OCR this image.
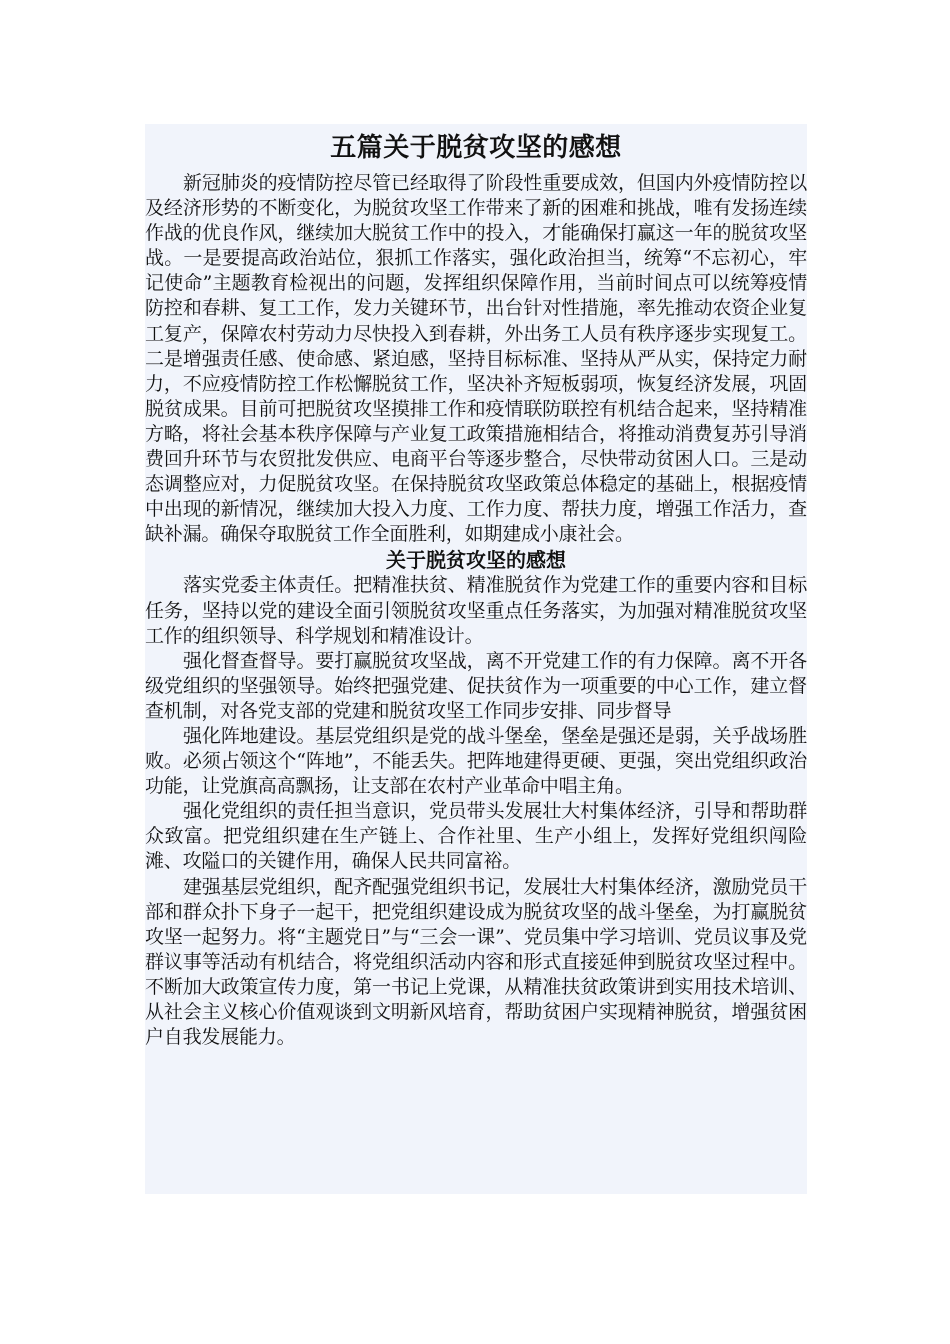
五篇关于脱贫攻坚的感想

新冠肺炎的疫情防控尽管已经取得了阶段性重要成效，但国内外疫情防控以及经济形势的不断变化，为脱贫攻坚工作带来了新的困难和挑战，唯有发扬连续作战的优良作风，继续加大脱贫工作中的投入，才能确保打赢这一年的脱贫攻坚战。一是要提高政治站位，狠抓工作落实，强化政治担当，统筹“不忘初心，牢记使命”主题教育检视出的问题，发挥组织保障作用，当前时间点可以统筹疫情防控和春耕、复工工作，发力关键环节，出台针对性措施，率先推动农资企业复工复产，保障农村劳动力尽快投入到春耕，外出务工人员有秩序逐步实现复工。二是增强责任感、使命感、紧迫感，坚持目标标准、坚持从严从实，保持定力耐力，不应疫情防控工作松懈脱贫工作，坚决补齐短板弱项，恢复经济发展，巩固脱贫成果。目前可把脱贫攻坚摸排工作和疫情联防联控有机结合起来，坚持精准方略，将社会基本秩序保障与产业复工政策措施相结合，将推动消费复苏引导消费回升环节与农贸批发供应、电商平台等逐步整合，尽快带动贫困人口。三是动态调整应对，力促脱贫攻坚。在保持脱贫攻坚政策总体稳定的基础上，根据疫情中出现的新情况，继续加大投入力度、工作力度、帮扶力度，增强工作活力，查缺补漏。确保夺取脱贫工作全面胜利，如期建成小康社会。

关于脱贫攻坚的感想

落实党委主体责任。把精准扶贫、精准脱贫作为党建工作的重要内容和目标任务，坚持以党的建设全面引领脱贫攻坚重点任务落实，为加强对精准脱贫攻坚工作的组织领导、科学规划和精准设计。

强化督查督导。要打赢脱贫攻坚战，离不开党建工作的有力保障。离不开各级党组织的坚强领导。始终把强党建、促扶贫作为一项重要的中心工作，建立督查机制，对各党支部的党建和脱贫攻坚工作同步安排、同步督导

强化阵地建设。基层党组织是党的战斗堡垒，堡垒是强还是弱，关乎战场胜败。必须占领这个“阵地”，不能丢失。把阵地建得更硬、更强，突出党组织政治功能，让党旗高高飘扬，让支部在农村产业革命中唱主角。

强化党组织的责任担当意识，党员带头发展壮大村集体经济，引导和帮助群众致富。把党组织建在生产链上、合作社里、生产小组上，发挥好党组织闯险滩、攻隘口的关键作用，确保人民共同富裕。

建强基层党组织，配齐配强党组织书记，发展壮大村集体经济，激励党员干部和群众扑下身子一起干，把党组织建设成为脱贫攻坚的战斗堡垒，为打赢脱贫攻坚一起努力。将“主题党日”与“三会一课”、党员集中学习培训、党员议事及党群议事等活动有机结合，将党组织活动内容和形式直接延伸到脱贫攻坚过程中。不断加大政策宣传力度，第一书记上党课，从精准扶贫政策讲到实用技术培训、从社会主义核心价值观谈到文明新风培育，帮助贫困户实现精神脱贫，增强贫困户自我发展能力。
